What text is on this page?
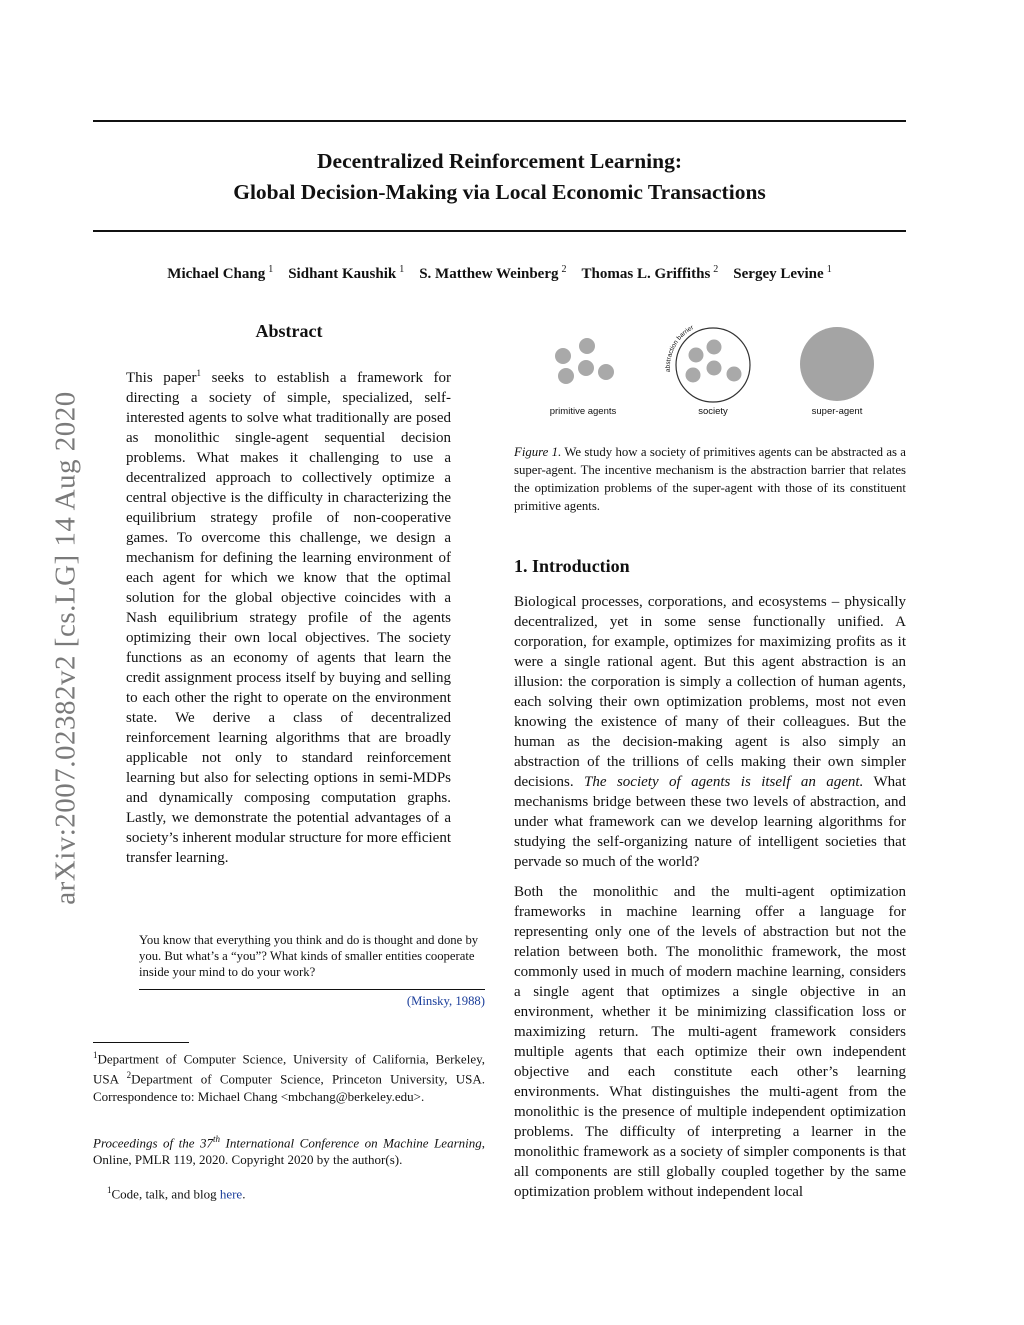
arXiv:2007.02382v2 [cs.LG] 14 Aug 2020
Decentralized Reinforcement Learning:
Global Decision-Making via Local Economic Transactions
Michael Chang $^1$ Sidhant Kaushik $^1$ S. Matthew Weinberg $^2$ Thomas L. Griffiths $^2$ Sergey Levine $^1$
Abstract

This paper$^1$ seeks to establish a framework for directing a society of simple, specialized, self-interested agents to solve what traditionally are posed as monolithic single-agent sequential decision problems. What makes it challenging to use a decentralized approach to collectively optimize a central objective is the difficulty in characterizing the equilibrium strategy profile of non-cooperative games. To overcome this challenge, we design a mechanism for defining the learning environment of each agent for which we know that the optimal solution for the global objective coincides with a Nash equilibrium strategy profile of the agents optimizing their own local objectives. The society functions as an economy of agents that learn the credit assignment process itself by buying and selling to each other the right to operate on the environment state. We derive a class of decentralized reinforcement learning algorithms that are broadly applicable not only to standard reinforcement learning but also for selecting options in semi-MDPs and dynamically composing computation graphs. Lastly, we demonstrate the potential advantages of a society’s inherent modular structure for more efficient transfer learning.

You know that everything you think and do is thought and done by you. But what’s a “you”? What kinds of smaller entities cooperate inside your mind to do your work?
(Minsky, 1988)
$^1$Department of Computer Science, University of California, Berkeley, USA $^2$Department of Computer Science, Princeton University, USA. Correspondence to: Michael Chang <mbchang@berkeley.edu>.
Proceedings of the 37th International Conference on Machine Learning, Online, PMLR 119, 2020. Copyright 2020 by the author(s).
$^1$Code, talk, and blog here.
primitive agents
abstraction barrier
society	super-agent
Figure 1. We study how a society of primitives agents can be abstracted as a super-agent. The incentive mechanism is the abstraction barrier that relates the optimization problems of the super-agent with those of its constituent primitive agents.
1. Introduction

Biological processes, corporations, and ecosystems – physically decentralized, yet in some sense functionally unified. A corporation, for example, optimizes for maximizing profits as it were a single rational agent. But this agent abstraction is an illusion: the corporation is simply a collection of human agents, each solving their own optimization problems, most not even knowing the existence of many of their colleagues. But the human as the decision-making agent is also simply an abstraction of the trillions of cells making their own simpler decisions. The society of agents is itself an agent. What mechanisms bridge between these two levels of abstraction, and under what framework can we develop learning algorithms for studying the self-organizing nature of intelligent societies that pervade so much of the world?

Both the monolithic and the multi-agent optimization frameworks in machine learning offer a language for representing only one of the levels of abstraction but not the relation between both. The monolithic framework, the most commonly used in much of modern machine learning, considers a single agent that optimizes a single objective in an environment, whether it be minimizing classification loss or maximizing return. The multi-agent framework considers multiple agents that each optimize their own independent objective and each constitute each other’s learning environments. What distinguishes the multi-agent from the monolithic is the presence of multiple independent optimization problems. The difficulty of interpreting a learner in the monolithic framework as a society of simpler components is that all components are still globally coupled together by the same optimization problem without independent local
